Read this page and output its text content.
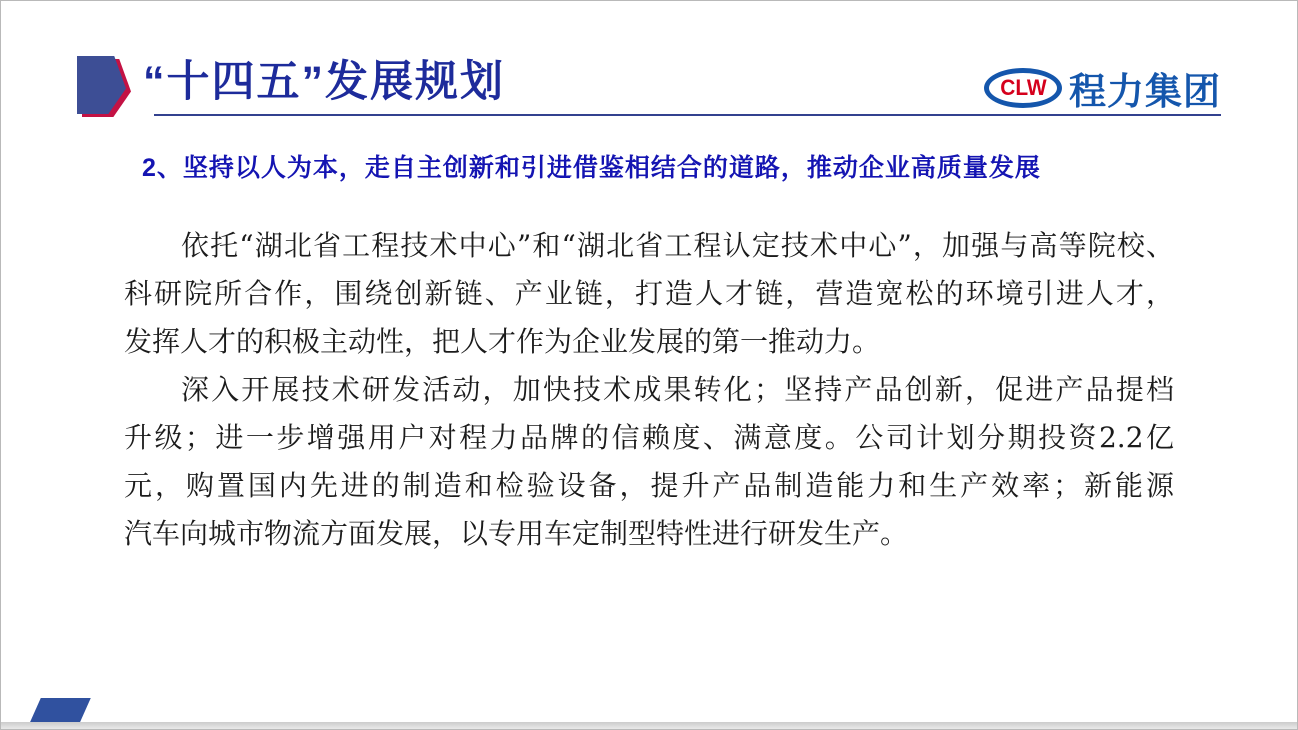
“十四五”发展规划	CLW 程力集团
2、坚持以人为本，走自主创新和引进借鉴相结合的道路，推动企业高质量发展

依托“湖北省工程技术中心”和“湖北省工程认定技术中心”，加强与高等院校、

科研院所合作，围绕创新链、产业链，打造人才链，营造宽松的环境引进人才，

发挥人才的积极主动性，把人才作为企业发展的第一推动力。

深入开展技术研发活动，加快技术成果转化；坚持产品创新，促进产品提档

升级；进一步增强用户对程力品牌的信赖度、满意度。公司计划分期投资2.2亿

元，购置国内先进的制造和检验设备，提升产品制造能力和生产效率；新能源

汽车向城市物流方面发展，以专用车定制型特性进行研发生产。
